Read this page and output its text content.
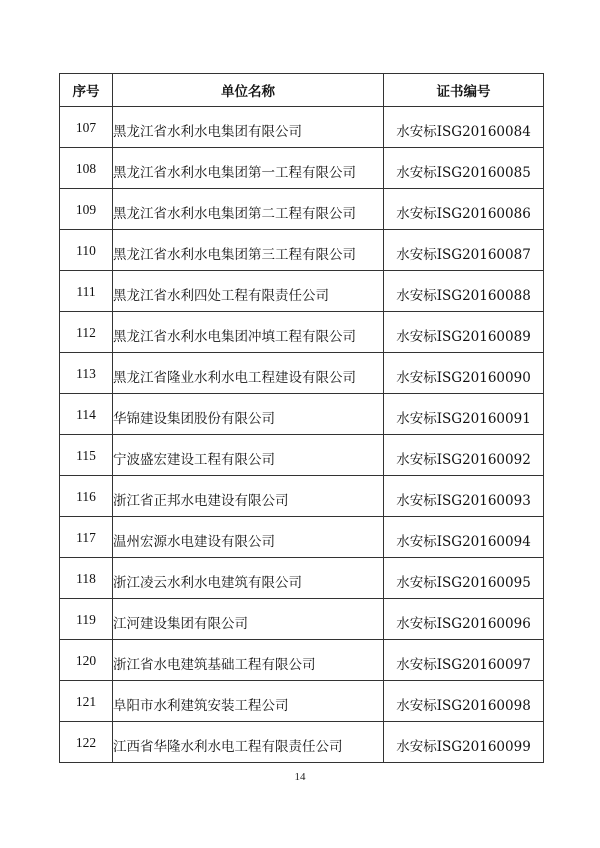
序号	单位名称	证书编号
107	黑龙江省水利水电集团有限公司	水安标ⅠSG20160084
108	黑龙江省水利水电集团第一工程有限公司	水安标ⅠSG20160085
109	黑龙江省水利水电集团第二工程有限公司	水安标ⅠSG20160086
110	黑龙江省水利水电集团第三工程有限公司	水安标ⅠSG20160087
111	黑龙江省水利四处工程有限责任公司	水安标ⅠSG20160088
112	黑龙江省水利水电集团冲填工程有限公司	水安标ⅠSG20160089
113	黑龙江省隆业水利水电工程建设有限公司	水安标ⅠSG20160090
114	华锦建设集团股份有限公司	水安标ⅠSG20160091
115	宁波盛宏建设工程有限公司	水安标ⅠSG20160092
116	浙江省正邦水电建设有限公司	水安标ⅠSG20160093
117	温州宏源水电建设有限公司	水安标ⅠSG20160094
118	浙江凌云水利水电建筑有限公司	水安标ⅠSG20160095
119	江河建设集团有限公司	水安标ⅠSG20160096
120	浙江省水电建筑基础工程有限公司	水安标ⅠSG20160097
121	阜阳市水利建筑安装工程公司	水安标ⅠSG20160098
122	江西省华隆水利水电工程有限责任公司	水安标ⅠSG20160099
14
